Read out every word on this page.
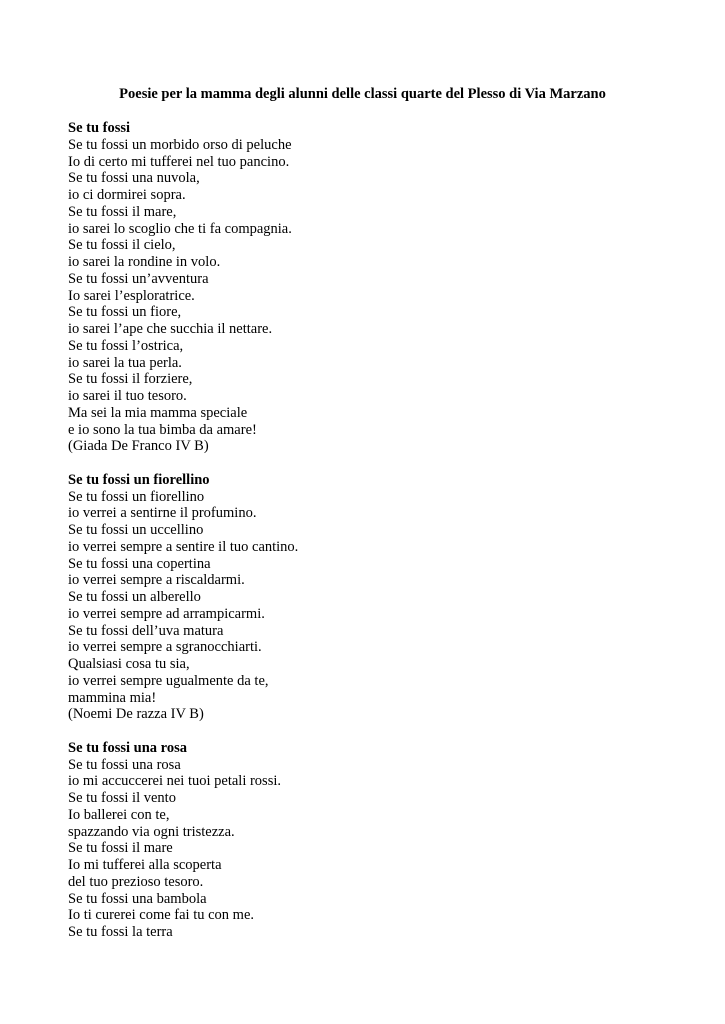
Poesie per la mamma degli alunni delle classi quarte del Plesso di Via Marzano
Se tu fossi
Se tu fossi un morbido orso di peluche
Io di certo mi tufferei nel tuo pancino.
Se tu fossi una nuvola,
io ci dormirei sopra.
Se tu fossi il mare,
io sarei lo scoglio che ti fa compagnia.
Se tu fossi il cielo,
io sarei la rondine in volo.
Se tu fossi un’avventura
Io sarei l’esploratrice.
Se tu fossi un fiore,
io sarei l’ape che succhia il nettare.
Se tu fossi l’ostrica,
io sarei la tua perla.
Se tu fossi il forziere,
io sarei il tuo tesoro.
Ma sei la mia mamma speciale
e io sono la tua bimba da amare!
(Giada De Franco IV B)
Se tu fossi un fiorellino
Se tu fossi un fiorellino
io verrei a sentirne il profumino.
Se tu fossi un uccellino
io verrei sempre a sentire il tuo cantino.
Se tu fossi una copertina
io verrei sempre a riscaldarmi.
Se tu fossi un alberello
io verrei sempre ad arrampicarmi.
Se tu fossi dell’uva matura
io verrei sempre a sgranocchiarti.
Qualsiasi cosa tu sia,
io verrei sempre ugualmente da te,
mammina mia!
(Noemi De razza IV B)
Se tu fossi una rosa
Se tu fossi una rosa
io mi accuccerei nei tuoi petali rossi.
Se tu fossi il vento
Io ballerei con te,
spazzando via ogni tristezza.
Se tu fossi il mare
Io mi tufferei alla scoperta
del tuo prezioso tesoro.
Se tu fossi una bambola
Io ti curerei come fai tu con me.
Se tu fossi la terra
